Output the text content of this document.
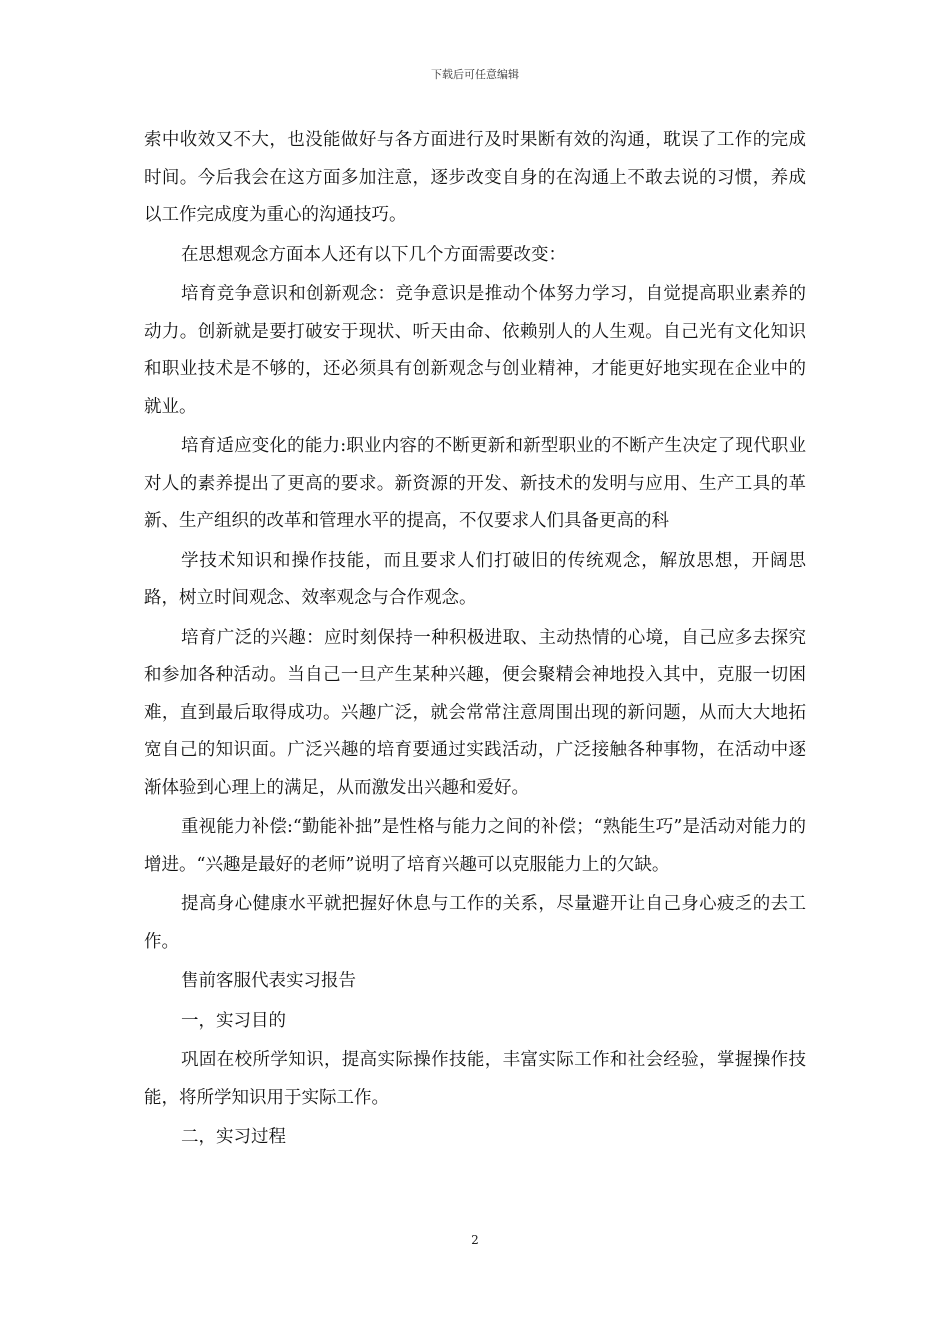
下载后可任意编辑

索中收效又不大，也没能做好与各方面进行及时果断有效的沟通，耽误了工作的完成时间。今后我会在这方面多加注意，逐步改变自身的在沟通上不敢去说的习惯，养成以工作完成度为重心的沟通技巧。

在思想观念方面本人还有以下几个方面需要改变：

培育竞争意识和创新观念：竞争意识是推动个体努力学习，自觉提高职业素养的动力。创新就是要打破安于现状、听天由命、依赖别人的人生观。自己光有文化知识和职业技术是不够的，还必须具有创新观念与创业精神，才能更好地实现在企业中的就业。

培育适应变化的能力:职业内容的不断更新和新型职业的不断产生决定了现代职业对人的素养提出了更高的要求。新资源的开发、新技术的发明与应用、生产工具的革新、生产组织的改革和管理水平的提高，不仅要求人们具备更高的科

学技术知识和操作技能，而且要求人们打破旧的传统观念，解放思想，开阔思路，树立时间观念、效率观念与合作观念。

培育广泛的兴趣：应时刻保持一种积极进取、主动热情的心境，自己应多去探究和参加各种活动。当自己一旦产生某种兴趣，便会聚精会神地投入其中，克服一切困难，直到最后取得成功。兴趣广泛，就会常常注意周围出现的新问题，从而大大地拓宽自己的知识面。广泛兴趣的培育要通过实践活动，广泛接触各种事物，在活动中逐渐体验到心理上的满足，从而激发出兴趣和爱好。

重视能力补偿:“勤能补拙”是性格与能力之间的补偿；“熟能生巧”是活动对能力的增进。“兴趣是最好的老师”说明了培育兴趣可以克服能力上的欠缺。

提高身心健康水平就把握好休息与工作的关系，尽量避开让自己身心疲乏的去工作。

售前客服代表实习报告

一，实习目的

巩固在校所学知识，提高实际操作技能，丰富实际工作和社会经验，掌握操作技能，将所学知识用于实际工作。

二，实习过程

2
